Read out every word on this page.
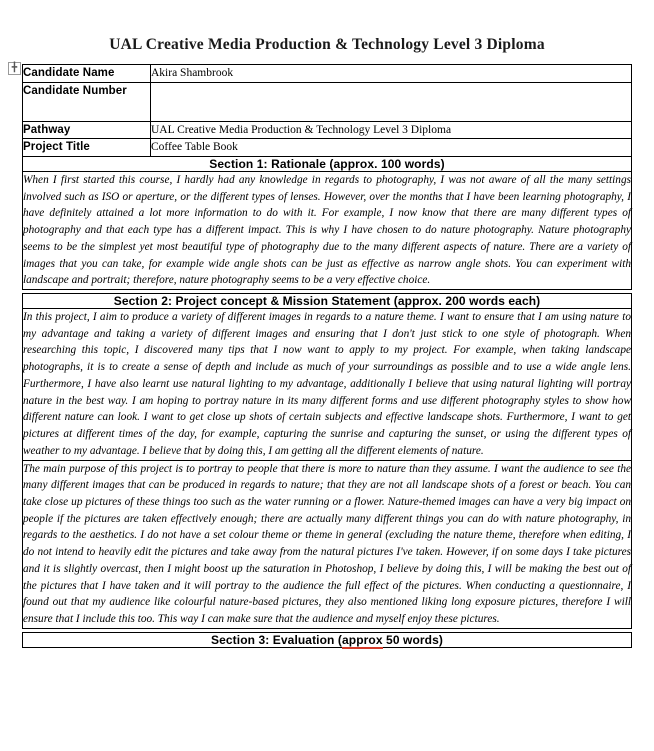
╋
UAL Creative Media Production & Technology Level 3 Diploma
Candidate Name	Akira Shambrook
Candidate Number	
Pathway	UAL Creative Media Production & Technology Level 3 Diploma
Project Title	Coffee Table Book
Section 1: Rationale (approx. 100 words)	

When I first started this course, I hardly had any knowledge in regards to photography, I was not aware of all the many settings involved such as ISO or aperture, or the different types of lenses. However, over the months that I have been learning photography, I have definitely attained a lot more information to do with it. For example, I now know that there are many different types of photography and that each type has a different impact. This is why I have chosen to do nature photography. Nature photography seems to be the simplest yet most beautiful type of photography due to the many different aspects of nature. There are a variety of images that you can take, for example wide angle shots can be just as effective as narrow angle shots. You can experiment with landscape and portrait; therefore, nature photography seems to be a very effective choice.	

Section 2: Project concept & Mission Statement (approx. 200 words each)	

In this project, I aim to produce a variety of different images in regards to a nature theme. I want to ensure that I am using nature to my advantage and taking a variety of different images and ensuring that I don't just stick to one style of photograph. When researching this topic, I discovered many tips that I now want to apply to my project. For example, when taking landscape photographs, it is to create a sense of depth and include as much of your surroundings as possible and to use a wide angle lens. Furthermore, I have also learnt use natural lighting to my advantage, additionally I believe that using natural lighting will portray nature in the best way. I am hoping to portray nature in its many different forms and use different photography styles to show how different nature can look. I want to get close up shots of certain subjects and effective landscape shots. Furthermore, I want to get pictures at different times of the day, for example, capturing the sunrise and capturing the sunset, or using the different types of weather to my advantage. I believe that by doing this, I am getting all the different elements of nature.	

The main purpose of this project is to portray to people that there is more to nature than they assume. I want the audience to see the many different images that can be produced in regards to nature; that they are not all landscape shots of a forest or beach. You can take close up pictures of these things too such as the water running or a flower. Nature-themed images can have a very big impact on people if the pictures are taken effectively enough; there are actually many different things you can do with nature photography, in regards to the aesthetics. I do not have a set colour theme or theme in general (excluding the nature theme, therefore when editing, I do not intend to heavily edit the pictures and take away from the natural pictures I've taken. However, if on some days I take pictures and it is slightly overcast, then I might boost up the saturation in Photoshop, I believe by doing this, I will be making the best out of the pictures that I have taken and it will portray to the audience the full effect of the pictures. When conducting a questionnaire, I found out that my audience like colourful nature-based pictures, they also mentioned liking long exposure pictures, therefore I will ensure that I include this too. This way I can make sure that the audience and myself enjoy these pictures.	

Section 3: Evaluation (approx 50 words)	
